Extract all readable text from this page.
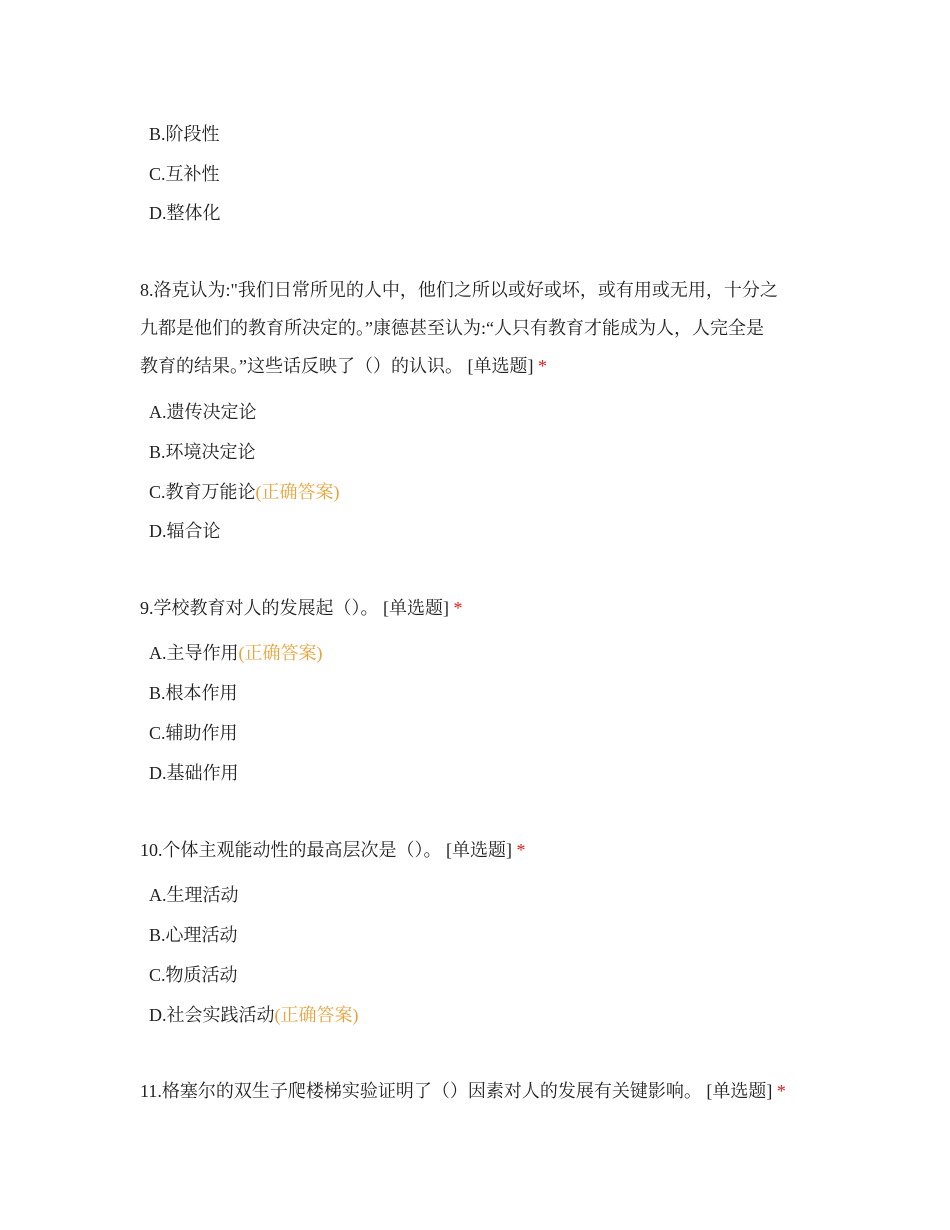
B.阶段性
C.互补性
D.整体化
8.洛克认为:"我们日常所见的人中，他们之所以或好或坏，或有用或无用，十分之
九都是他们的教育所决定的。”康德甚至认为:“人只有教育才能成为人，人完全是
教育的结果。”这些话反映了（）的认识。 [单选题] *
A.遗传决定论
B.环境决定论
C.教育万能论(正确答案)
D.辐合论
9.学校教育对人的发展起（）。 [单选题] *
A.主导作用(正确答案)
B.根本作用
C.辅助作用
D.基础作用
10.个体主观能动性的最高层次是（）。 [单选题] *
A.生理活动
B.心理活动
C.物质活动
D.社会实践活动(正确答案)
11.格塞尔的双生子爬楼梯实验证明了（）因素对人的发展有关键影响。 [单选题] *
